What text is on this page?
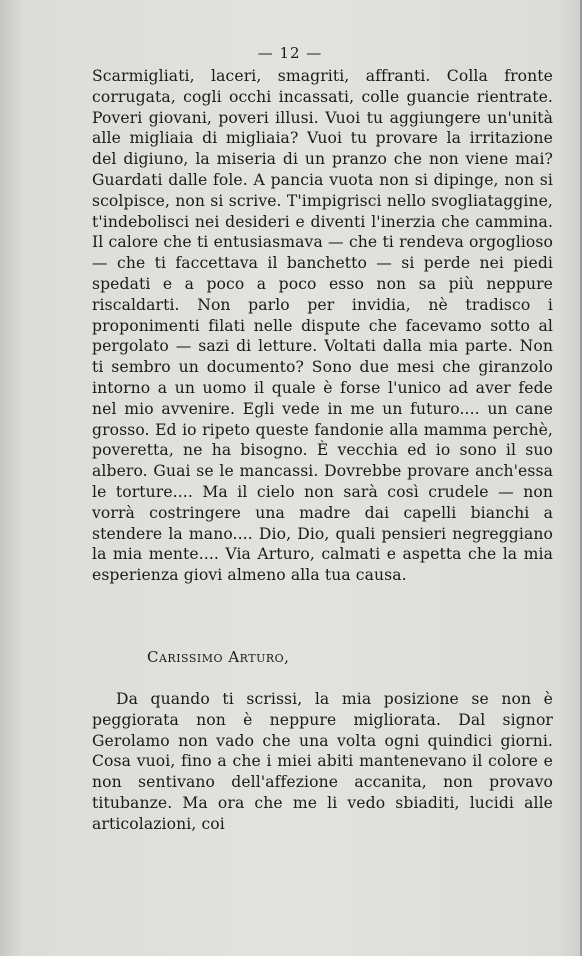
— 12 —

Scarmigliati, laceri, smagriti, affranti. Colla fronte corrugata, cogli occhi incassati, colle guancie rientrate. Poveri giovani, poveri illusi. Vuoi tu aggiungere un'unità alle migliaia di migliaia? Vuoi tu provare la irritazione del digiuno, la miseria di un pranzo che non viene mai? Guardati dalle fole. A pancia vuota non si dipinge, non si scolpisce, non si scrive. T'impigrisci nello svogliataggine, t'indebolisci nei desideri e diventi l'inerzia che cammina. Il calore che ti entusiasmava — che ti rendeva orgoglioso — che ti faccettava il banchetto — si perde nei piedi spedati e a poco a poco esso non sa più neppure riscaldarti. Non parlo per invidia, nè tradisco i proponimenti filati nelle dispute che facevamo sotto al pergolato — sazi di letture. Voltati dalla mia parte. Non ti sembro un documento? Sono due mesi che giranzolo intorno a un uomo il quale è forse l'unico ad aver fede nel mio avvenire. Egli vede in me un futuro.... un cane grosso. Ed io ripeto queste fandonie alla mamma perchè, poveretta, ne ha bisogno. È vecchia ed io sono il suo albero. Guai se le mancassi. Dovrebbe provare anch'essa le torture.... Ma il cielo non sarà così crudele — non vorrà costringere una madre dai capelli bianchi a stendere la mano.... Dio, Dio, quali pensieri negreggiano la mia mente.... Via Arturo, calmati e aspetta che la mia esperienza giovi almeno alla tua causa.

Carissimo Arturo,

Da quando ti scrissi, la mia posizione se non è peggiorata non è neppure migliorata. Dal signor Gerolamo non vado che una volta ogni quindici giorni. Cosa vuoi, fino a che i miei abiti mantenevano il colore e non sentivano dell'affezione accanita, non provavo titubanze. Ma ora che me li vedo sbiaditi, lucidi alle articolazioni, coi
